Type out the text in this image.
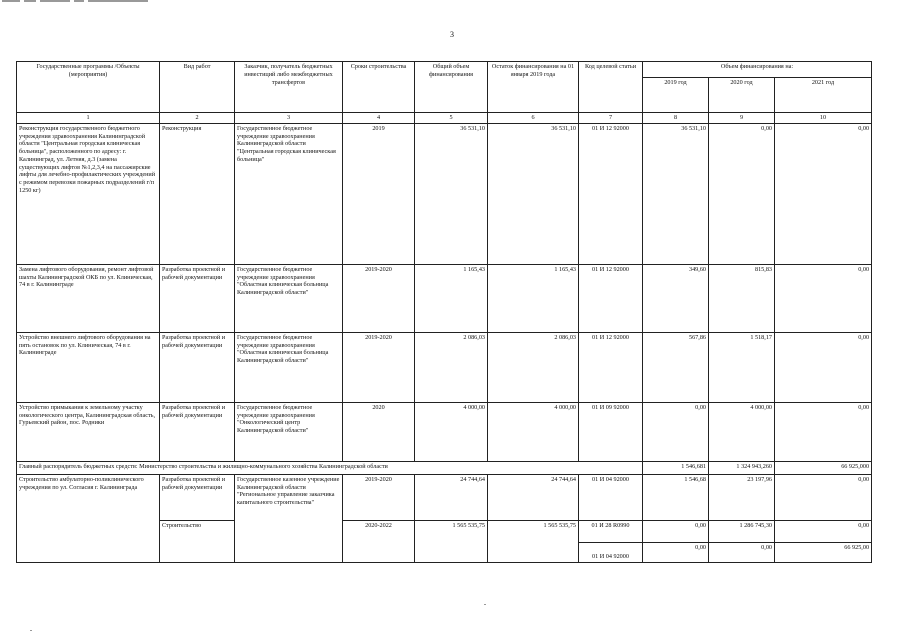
3
Государственные программы /Объекты (мероприятия)	Вид работ	Заказчик, получатель бюджетных инвестиций либо межбюджетных трансфертов	Сроки строительства	Общий объем финансирования	Остаток финансирования на 01 января 2019 года	Код целевой статьи	Объем финансирования на:		
							2019 год	2020 год	2021 год
1	2	3	4	5	6	7	8	9	10
Реконструкция государственного бюджетного учреждения здравоохранения Калининградской области "Центральная городская клиническая больница", расположенного по адресу: г. Калининград, ул. Летняя, д.3 (замена существующих лифтов №1,2,3,4 на пассажирские лифты для лечебно-профилактических учреждений с режимом перевозки пожарных подразделений г/п 1250 кг)	Реконструкция	Государственное бюджетное учреждение здравоохранения Калининградской области "Центральная городская клиническая больница"	2019	36 531,10	36 531,10	01 И 12 92000	36 531,10	0,00	0,00
Замена лифтового оборудования, ремонт лифтовой шахты Калининградской ОКБ по ул. Клиническая, 74 в г. Калининграде	Разработка проектной и рабочей документации	Государственное бюджетное учреждение здравоохранения "Областная клиническая больница Калининградской области"	2019-2020	1 165,43	1 165,43	01 И 12 92000	349,60	815,83	0,00
Устройство внешнего лифтового оборудования на пять остановок по ул. Клиническая, 74 в г. Калининграде	Разработка проектной и рабочей документации	Государственное бюджетное учреждение здравоохранения "Областная клиническая больница Калининградской области"	2019-2020	2 086,03	2 086,03	01 И 12 92000	567,86	1 518,17	0,00
Устройство примыкания к земельному участку онкологического центра, Калининградская область, Гурьевский район, пос. Родники	Разработка проектной и рабочей документации	Государственное бюджетное учреждение здравоохранения "Онкологический центр Калининградской области"	2020	4 000,00	4 000,00	01 И 09 92000	0,00	4 000,00	0,00
Главный распорядитель бюджетных средств: Министерство строительства и жилищно-коммунального хозяйства Калининградской области							1 546,681	1 324 943,260	66 925,000
Строительство амбулаторно-поликлинического учреждения по ул. Согласия г. Калининграда	Разработка проектной и рабочей документации	Государственное казенное учреждение Калининградской области "Региональное управление заказчика капитального строительства"	2019-2020	24 744,64	24 744,64	01 И 04 92000	1 546,68	23 197,96	0,00
	Строительство		2020-2022	1 565 535,75	1 565 535,75	01 И 28 R0990	0,00	1 286 745,30	0,00
						01 И 04 92000	0,00	0,00	66 925,00
